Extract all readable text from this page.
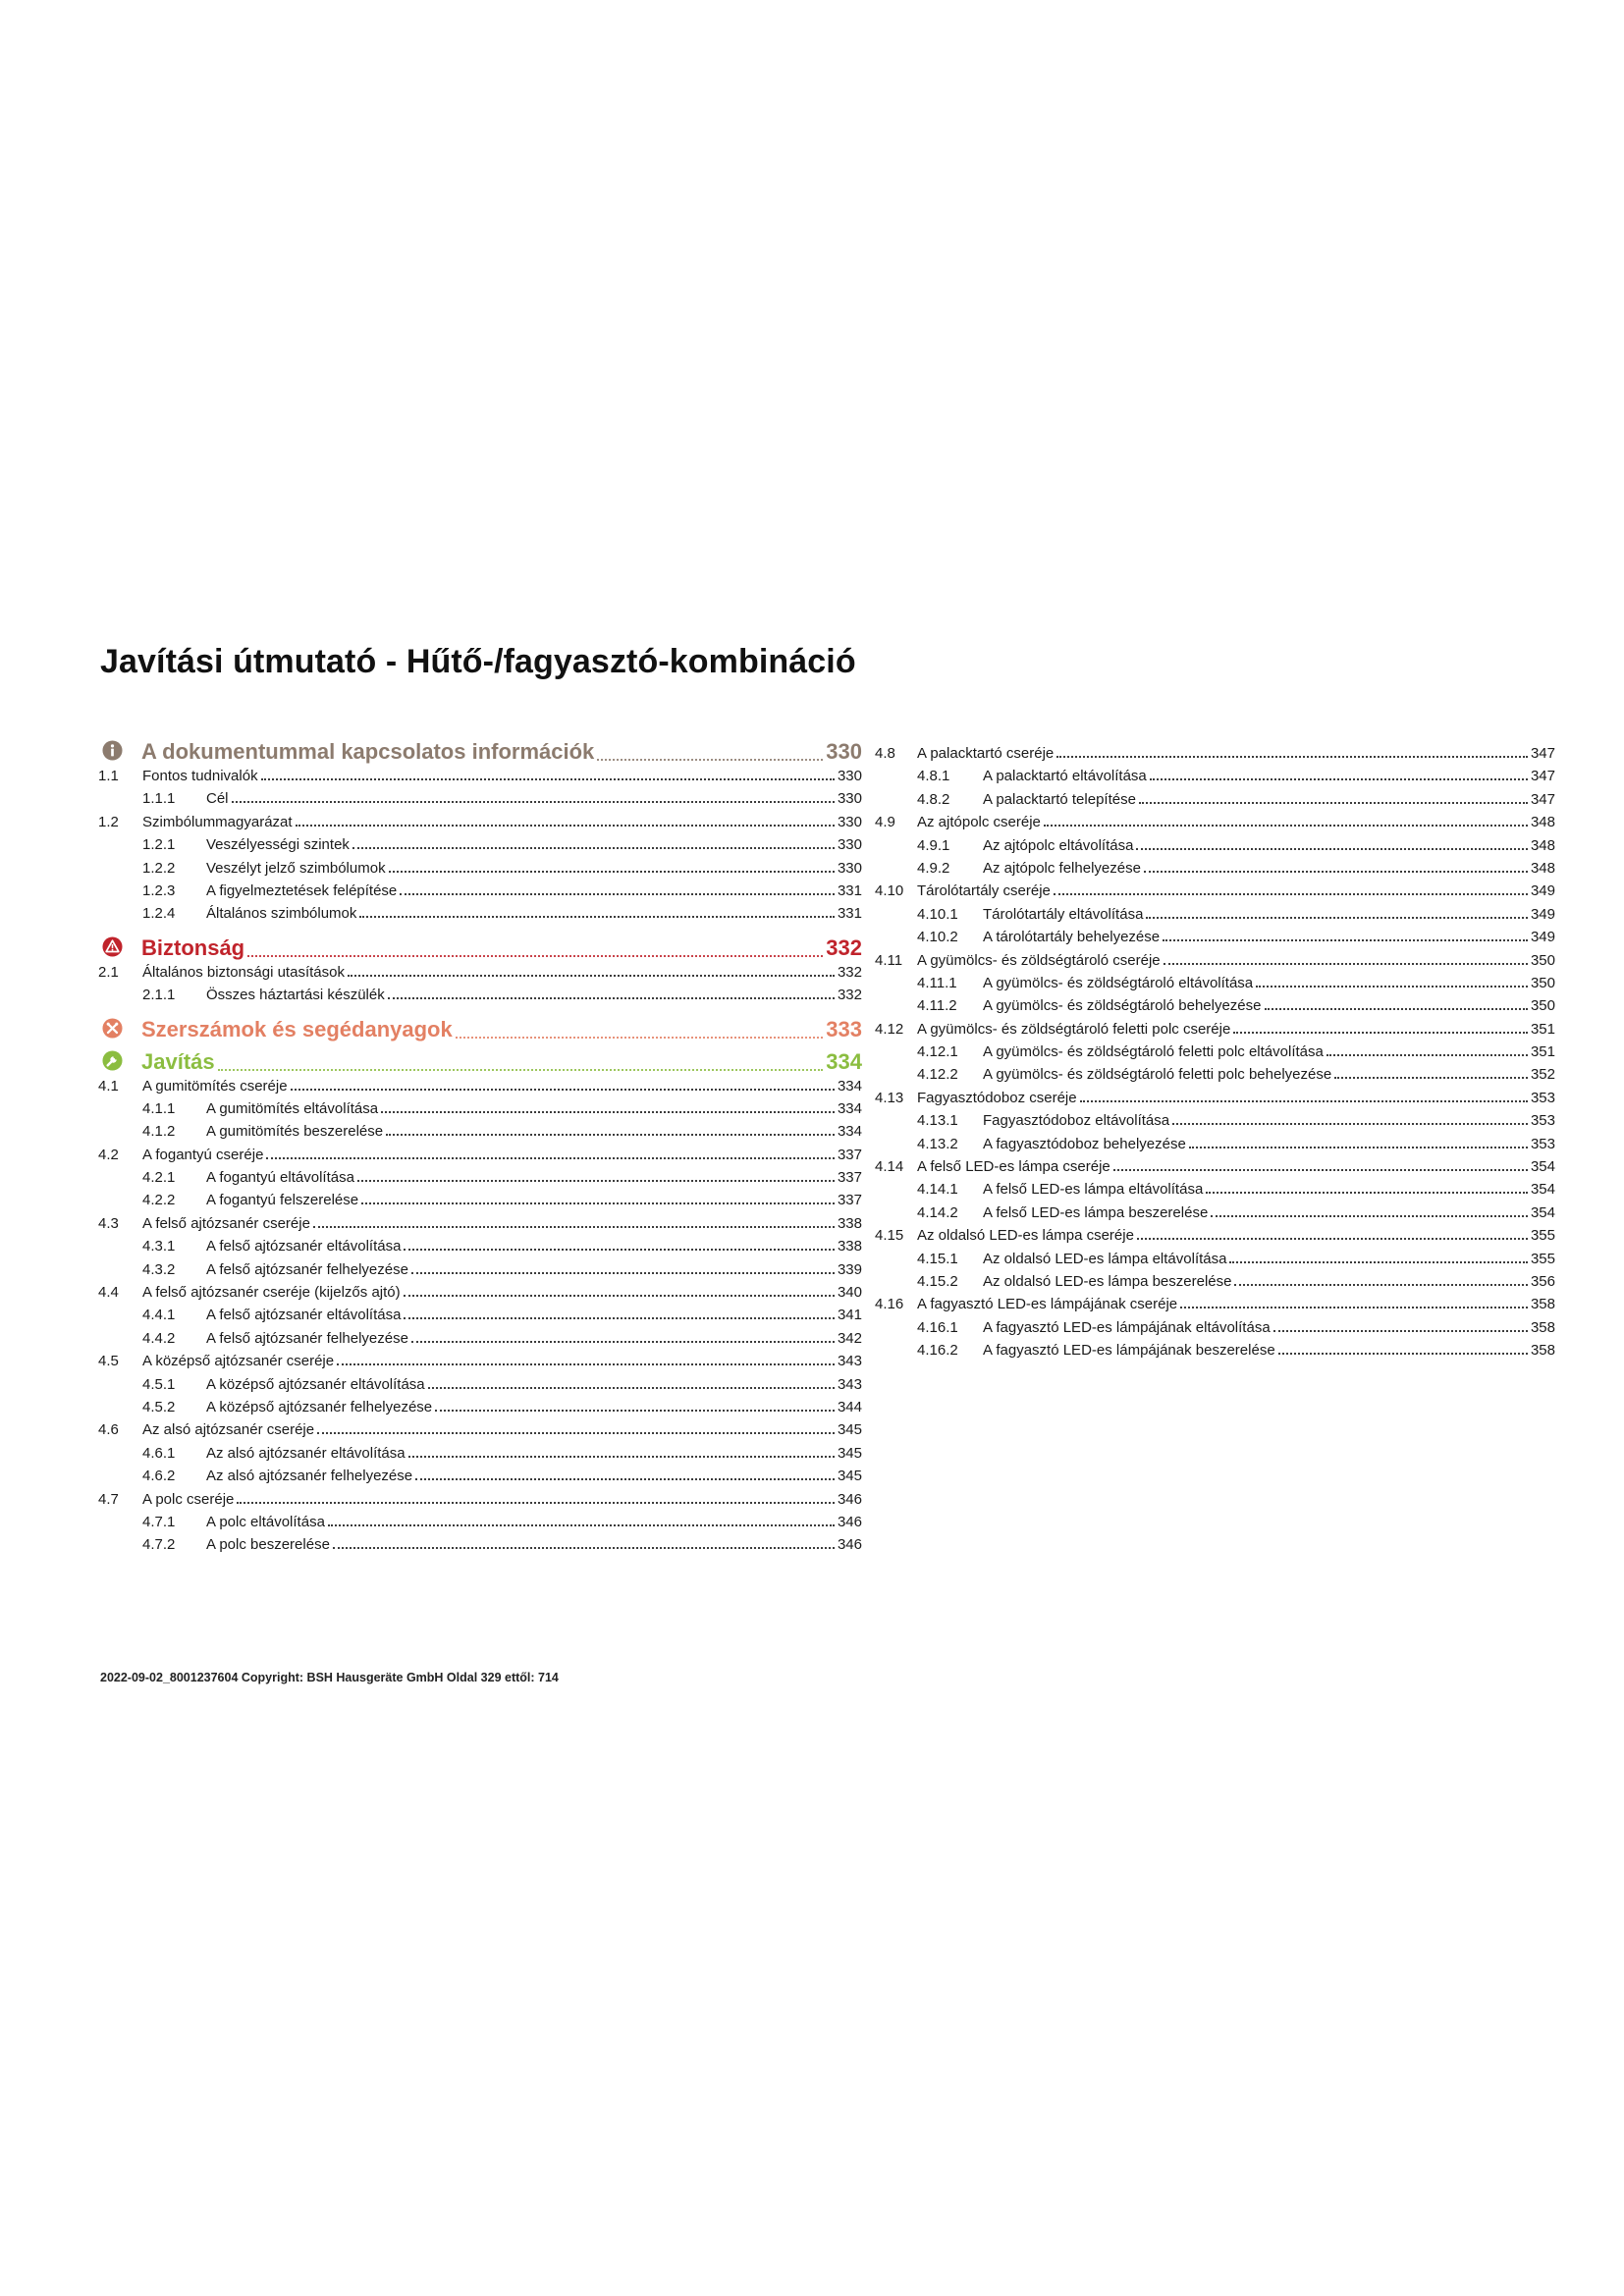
Javítási útmutató - Hűtő-/fagyasztó-kombináció
A dokumentummal kapcsolatos információk	330
1.1	Fontos tudnivalók	330
1.1.1	Cél	330
1.2	Szimbólummagyarázat	330
1.2.1	Veszélyességi szintek	330
1.2.2	Veszélyt jelző szimbólumok	330
1.2.3	A figyelmeztetések felépítése	331
1.2.4	Általános szimbólumok	331
Biztonság	332
2.1	Általános biztonsági utasítások	332
2.1.1	Összes háztartási készülék	332
Szerszámok és segédanyagok	333
Javítás	334
4.1	A gumitömítés cseréje	334
4.1.1	A gumitömítés eltávolítása	334
4.1.2	A gumitömítés beszerelése	334
4.2	A fogantyú cseréje	337
4.2.1	A fogantyú eltávolítása	337
4.2.2	A fogantyú felszerelése	337
4.3	A felső ajtózsanér cseréje	338
4.3.1	A felső ajtózsanér eltávolítása	338
4.3.2	A felső ajtózsanér felhelyezése	339
4.4	A felső ajtózsanér cseréje (kijelzős ajtó)	340
4.4.1	A felső ajtózsanér eltávolítása	341
4.4.2	A felső ajtózsanér felhelyezése	342
4.5	A középső ajtózsanér cseréje	343
4.5.1	A középső ajtózsanér eltávolítása	343
4.5.2	A középső ajtózsanér felhelyezése	344
4.6	Az alsó ajtózsanér cseréje	345
4.6.1	Az alsó ajtózsanér eltávolítása	345
4.6.2	Az alsó ajtózsanér felhelyezése	345
4.7	A polc cseréje	346
4.7.1	A polc eltávolítása	346
4.7.2	A polc beszerelése	346
4.8	A palacktartó cseréje	347
4.8.1	A palacktartó eltávolítása	347
4.8.2	A palacktartó telepítése	347
4.9	Az ajtópolc cseréje	348
4.9.1	Az ajtópolc eltávolítása	348
4.9.2	Az ajtópolc felhelyezése	348
4.10 Tárolótartály cseréje	349
4.10.1	Tárolótartály eltávolítása	349
4.10.2	A tárolótartály behelyezése	349
4.11 A gyümölcs- és zöldségtároló cseréje	350
4.11.1	A gyümölcs- és zöldségtároló eltávolítása	350
4.11.2	A gyümölcs- és zöldségtároló behelyezése	350
4.12 A gyümölcs- és zöldségtároló feletti polc cseréje	351
4.12.1	A gyümölcs- és zöldségtároló feletti polc eltávolítása	351
4.12.2	A gyümölcs- és zöldségtároló feletti polc behelyezése	352
4.13 Fagyasztódoboz cseréje	353
4.13.1	Fagyasztódoboz eltávolítása	353
4.13.2	A fagyasztódoboz behelyezése	353
4.14 A felső LED-es lámpa cseréje	354
4.14.1	A felső LED-es lámpa eltávolítása	354
4.14.2	A felső LED-es lámpa beszerelése	354
4.15 Az oldalsó LED-es lámpa cseréje	355
4.15.1	Az oldalsó LED-es lámpa eltávolítása	355
4.15.2	Az oldalsó LED-es lámpa beszerelése	356
4.16 A fagyasztó LED-es lámpájának cseréje	358
4.16.1	A fagyasztó LED-es lámpájának eltávolítása	358
4.16.2	A fagyasztó LED-es lámpájának beszerelése	358
2022-09-02_8001237604 Copyright: BSH Hausgeräte GmbH Oldal 329 ettől: 714
